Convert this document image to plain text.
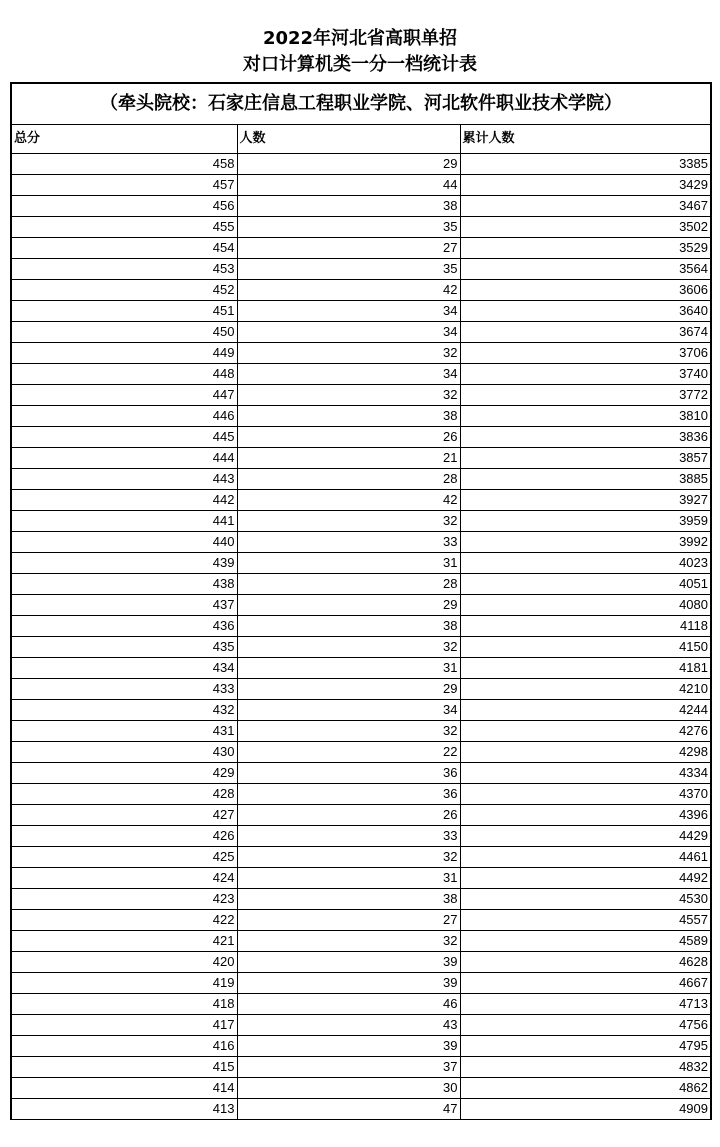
2022年河北省高职单招
对口计算机类一分一档统计表
（牵头院校：石家庄信息工程职业学院、河北软件职业技术学院）
总分	人数	累计人数
458	29	3385
457	44	3429
456	38	3467
455	35	3502
454	27	3529
453	35	3564
452	42	3606
451	34	3640
450	34	3674
449	32	3706
448	34	3740
447	32	3772
446	38	3810
445	26	3836
444	21	3857
443	28	3885
442	42	3927
441	32	3959
440	33	3992
439	31	4023
438	28	4051
437	29	4080
436	38	4118
435	32	4150
434	31	4181
433	29	4210
432	34	4244
431	32	4276
430	22	4298
429	36	4334
428	36	4370
427	26	4396
426	33	4429
425	32	4461
424	31	4492
423	38	4530
422	27	4557
421	32	4589
420	39	4628
419	39	4667
418	46	4713
417	43	4756
416	39	4795
415	37	4832
414	30	4862
413	47	4909
